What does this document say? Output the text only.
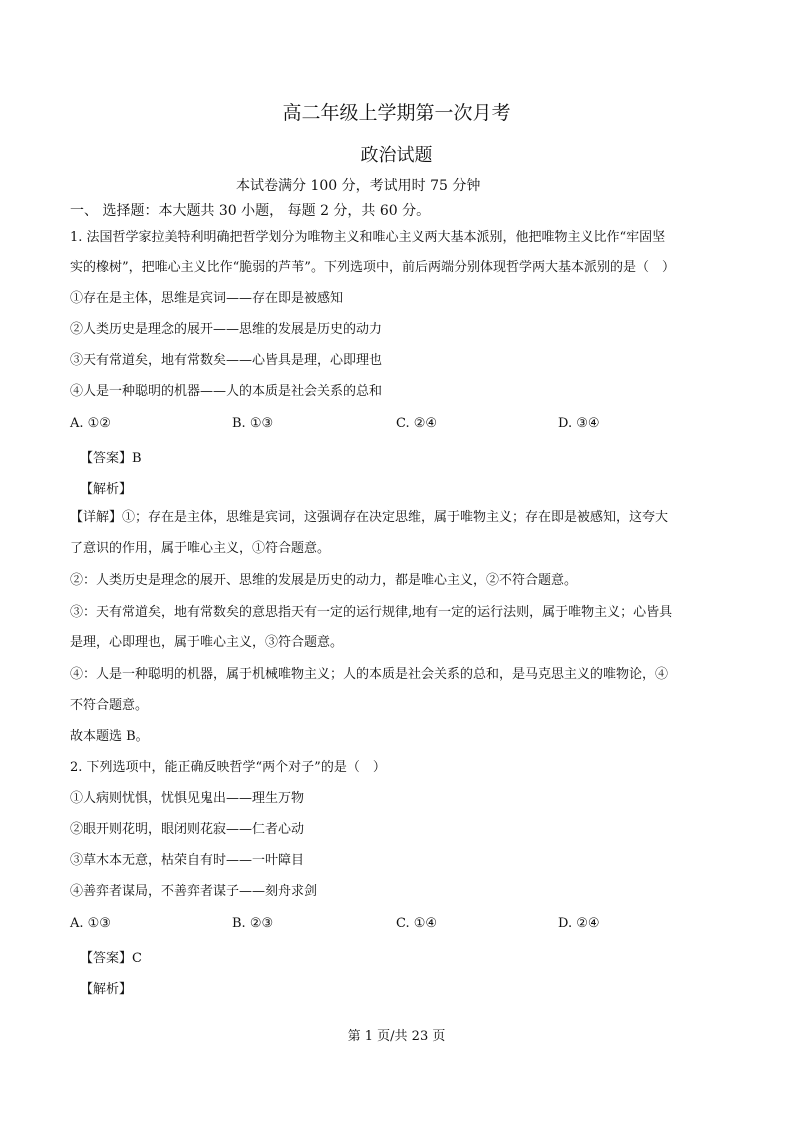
高二年级上学期第一次月考
政治试题
本试卷满分 100 分，考试用时 75 分钟
一、 选择题：本大题共 30 小题， 每题 2 分，共 60 分。
1. 法国哲学家拉美特利明确把哲学划分为唯物主义和唯心主义两大基本派别，他把唯物主义比作“牢固坚
实的橡树”，把唯心主义比作“脆弱的芦苇”。下列选项中，前后两端分别体现哲学两大基本派别的是（　）
①存在是主体，思维是宾词——存在即是被感知
②人类历史是理念的展开——思维的发展是历史的动力
③天有常道矣，地有常数矣——心皆具是理，心即理也
④人是一种聪明的机器——人的本质是社会关系的总和
A. ①②	B. ①③	C. ②④	D. ③④
【答案】B
【解析】
【详解】①；存在是主体，思维是宾词，这强调存在决定思维，属于唯物主义；存在即是被感知，这夸大
了意识的作用，属于唯心主义，①符合题意。
②：人类历史是理念的展开、思维的发展是历史的动力，都是唯心主义，②不符合题意。
③：天有常道矣，地有常数矣的意思指天有一定的运行规律,地有一定的运行法则，属于唯物主义；心皆具
是理，心即理也，属于唯心主义，③符合题意。
④：人是一种聪明的机器，属于机械唯物主义；人的本质是社会关系的总和，是马克思主义的唯物论，④
不符合题意。
故本题选 B。
2. 下列选项中，能正确反映哲学“两个对子”的是（　）
①人病则忧惧，忧惧见鬼出——理生万物
②眼开则花明，眼闭则花寂——仁者心动
③草木本无意，枯荣自有时——一叶障目
④善弈者谋局，不善弈者谋子——刻舟求剑
A. ①③	B. ②③	C. ①④	D. ②④
【答案】C
【解析】
第 1 页/共 23 页
